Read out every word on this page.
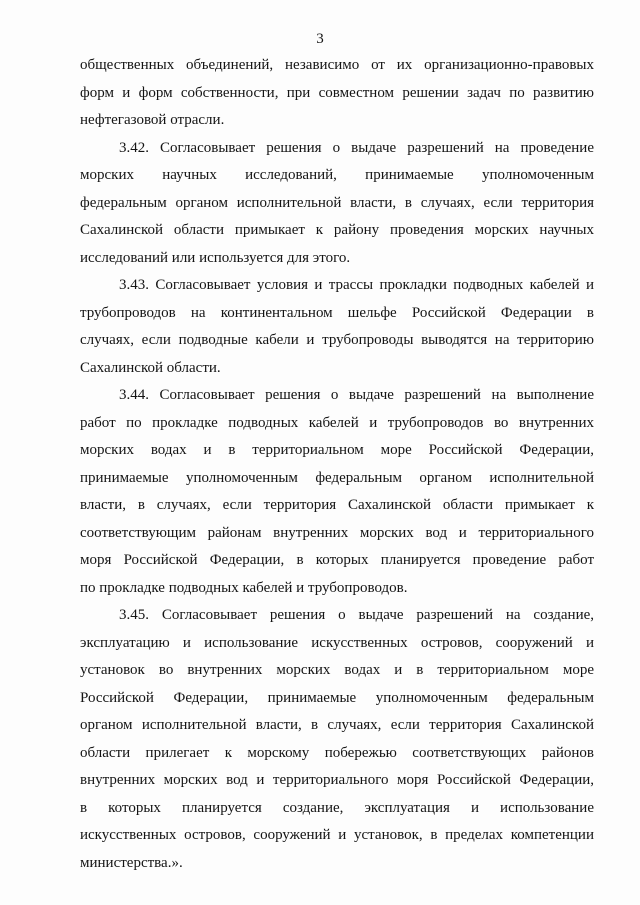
3
общественных объединений, независимо от их организационно-правовых
форм и форм собственности, при совместном решении задач по развитию
нефтегазовой отрасли.
3.42. Согласовывает решения о выдаче разрешений на проведение
морских научных исследований, принимаемые уполномоченным
федеральным органом исполнительной власти, в случаях, если территория
Сахалинской области примыкает к району проведения морских научных
исследований или используется для этого.
3.43. Согласовывает условия и трассы прокладки подводных кабелей и
трубопроводов на континентальном шельфе Российской Федерации в
случаях, если подводные кабели и трубопроводы выводятся на территорию
Сахалинской области.
3.44. Согласовывает решения о выдаче разрешений на выполнение
работ по прокладке подводных кабелей и трубопроводов во внутренних
морских водах и в территориальном море Российской Федерации,
принимаемые уполномоченным федеральным органом исполнительной
власти, в случаях, если территория Сахалинской области примыкает к
соответствующим районам внутренних морских вод и территориального
моря Российской Федерации, в которых планируется проведение работ
по прокладке подводных кабелей и трубопроводов.
3.45. Согласовывает решения о выдаче разрешений на создание,
эксплуатацию и использование искусственных островов, сооружений и
установок во внутренних морских водах и в территориальном море
Российской Федерации, принимаемые уполномоченным федеральным
органом исполнительной власти, в случаях, если территория Сахалинской
области прилегает к морскому побережью соответствующих районов
внутренних морских вод и территориального моря Российской Федерации,
в которых планируется создание, эксплуатация и использование
искусственных островов, сооружений и установок, в пределах компетенции
министерства.».
